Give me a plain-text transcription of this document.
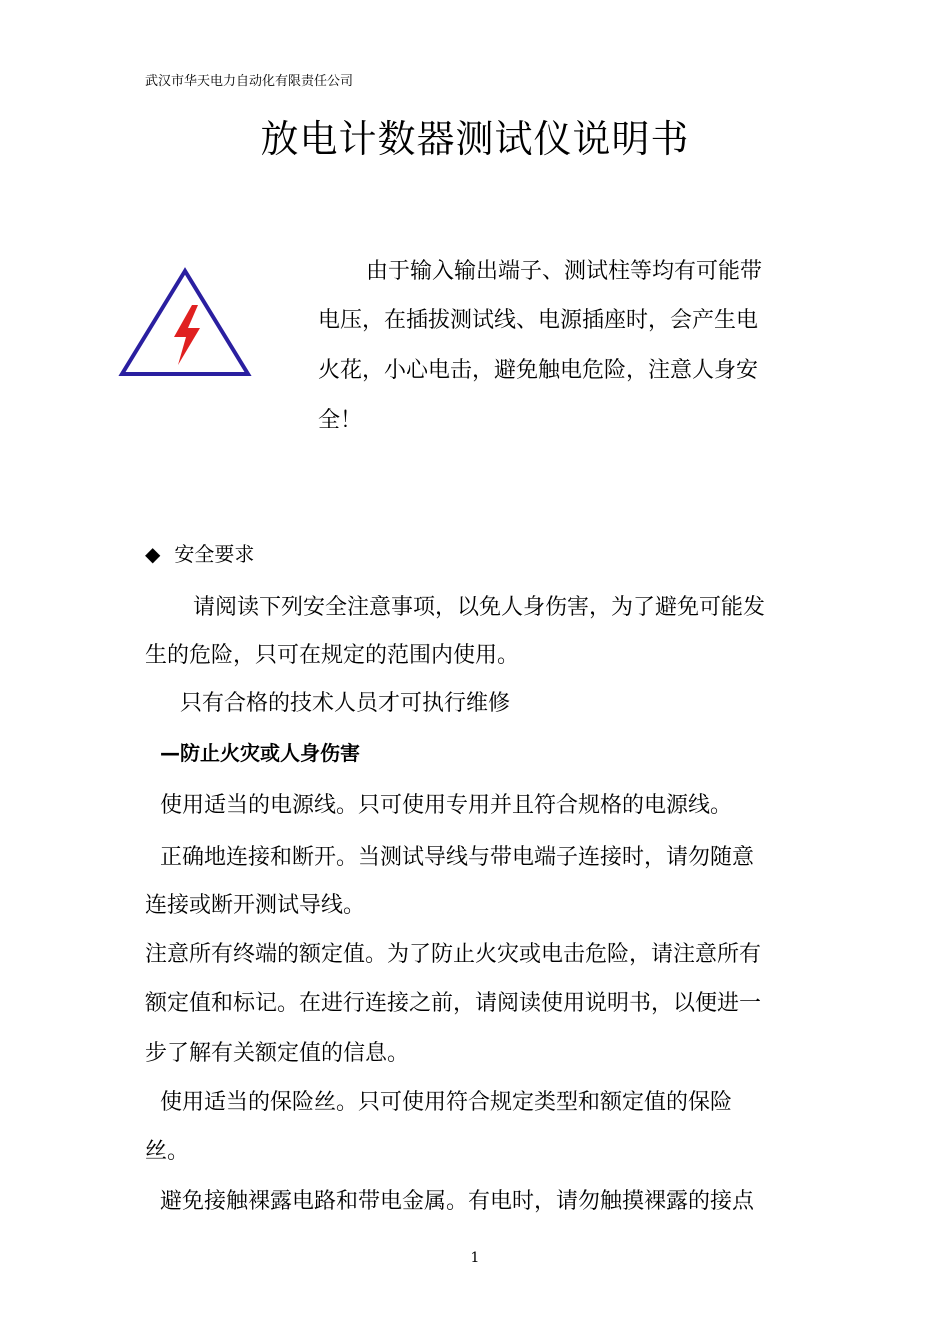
武汉市华天电力自动化有限责任公司
放电计数器测试仪说明书
由于输入输出端子、测试柱等均有可能带
电压，在插拔测试线、电源插座时，会产生电
火花，小心电击，避免触电危险，注意人身安
全！
◆ 安全要求
请阅读下列安全注意事项，以免人身伤害，为了避免可能发
生的危险，只可在规定的范围内使用。
只有合格的技术人员才可执行维修
—防止火灾或人身伤害
使用适当的电源线。只可使用专用并且符合规格的电源线。
正确地连接和断开。当测试导线与带电端子连接时，请勿随意
连接或断开测试导线。
注意所有终端的额定值。为了防止火灾或电击危险，请注意所有
额定值和标记。在进行连接之前，请阅读使用说明书，以便进一
步了解有关额定值的信息。
使用适当的保险丝。只可使用符合规定类型和额定值的保险
丝。
避免接触裸露电路和带电金属。有电时，请勿触摸裸露的接点
1
